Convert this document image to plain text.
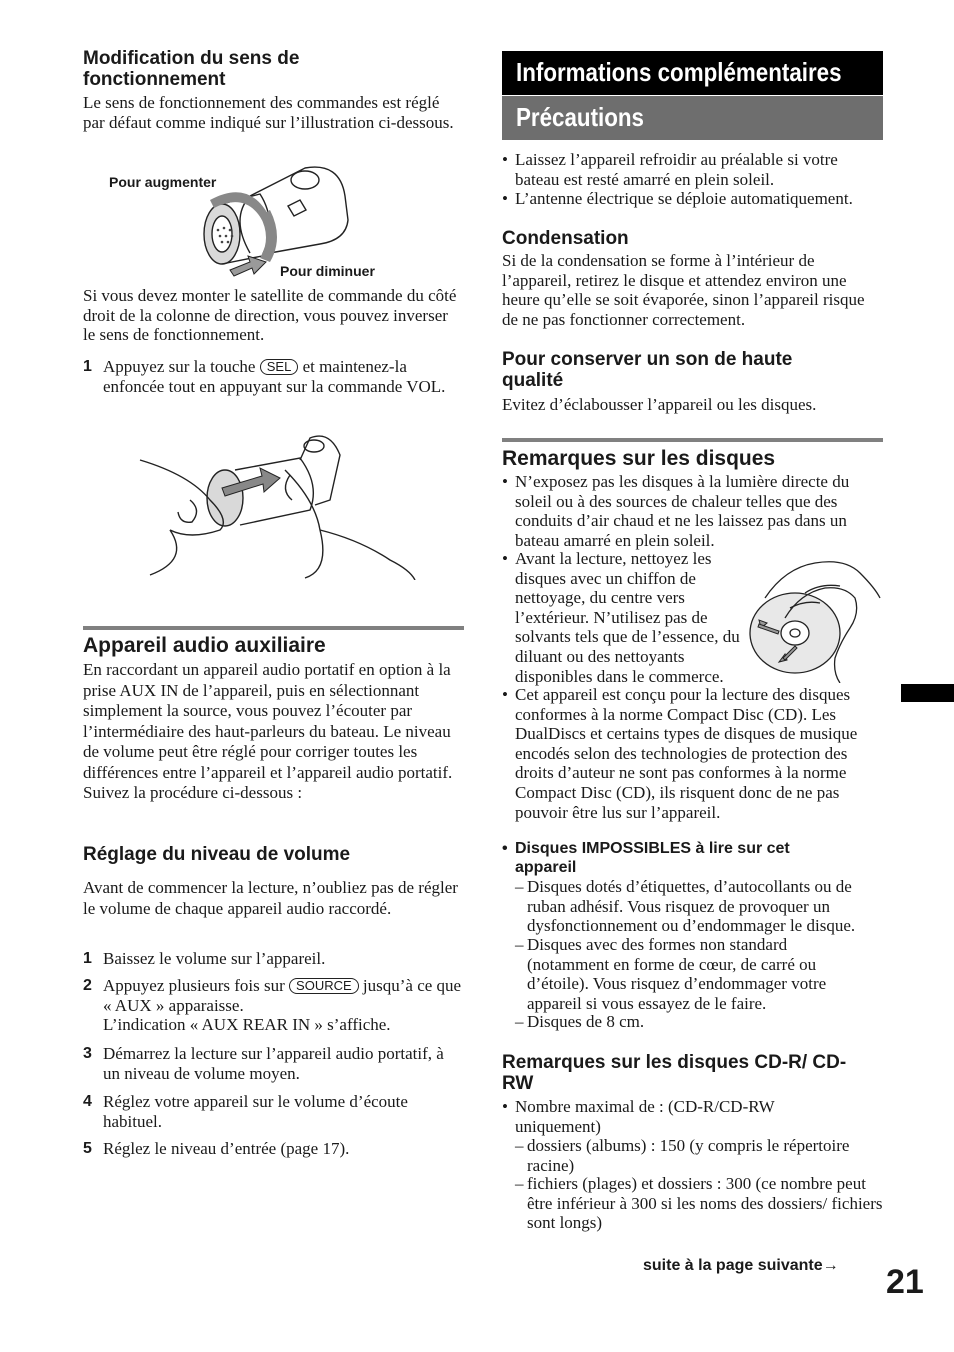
Modification du sens de fonctionnement

Le sens de fonctionnement des commandes est réglé par défaut comme indiqué sur l’illustration ci-dessous.

Pour augmenter
Pour diminuer

Si vous devez monter le satellite de commande du côté droit de la colonne de direction, vous pouvez inverser le sens de fonctionnement.

1 Appuyez sur la touche SEL et maintenez-la enfoncée tout en appuyant sur la commande VOL.
Appareil audio auxiliaire

En raccordant un appareil audio portatif en option à la prise AUX IN de l’appareil, puis en sélectionnant simplement la source, vous pouvez l’écouter par l’intermédiaire des haut-parleurs du bateau. Le niveau de volume peut être réglé pour corriger toutes les différences entre l’appareil et l’appareil audio portatif. Suivez la procédure ci-dessous :

Réglage du niveau de volume

Avant de commencer la lecture, n’oubliez pas de régler le volume de chaque appareil audio raccordé.

1 Baissez le volume sur l’appareil.
2 Appuyez plusieurs fois sur SOURCE jusqu’à ce que « AUX » apparaisse.
L’indication « AUX REAR IN » s’affiche.
3 Démarrez la lecture sur l’appareil audio portatif, à un niveau de volume moyen.
4 Réglez votre appareil sur le volume d’écoute habituel.
5 Réglez le niveau d’entrée (page 17).
Informations complémentaires
Précautions
• Laissez l’appareil refroidir au préalable si votre bateau est resté amarré en plein soleil.
• L’antenne électrique se déploie automatiquement.
Condensation

Si de la condensation se forme à l’intérieur de l’appareil, retirez le disque et attendez environ une heure qu’elle se soit évaporée, sinon l’appareil risque de ne pas fonctionner correctement.

Pour conserver un son de haute qualité

Evitez d’éclabousser l’appareil ou les disques.

Remarques sur les disques
• N’exposez pas les disques à la lumière directe du soleil ou à des sources de chaleur telles que des conduits d’air chaud et ne les laissez pas dans un bateau amarré en plein soleil.
• Avant la lecture, nettoyez les disques avec un chiffon de nettoyage, du centre vers l’extérieur. N’utilisez pas de solvants tels que de l’essence, du diluant ou des nettoyants disponibles dans le commerce.
• Cet appareil est conçu pour la lecture des disques conformes à la norme Compact Disc (CD). Les DualDiscs et certains types de disques de musique encodés selon des technologies de protection des droits d’auteur ne sont pas conformes à la norme Compact Disc (CD), ils risquent donc de ne pas pouvoir être lus sur l’appareil.
• Disques IMPOSSIBLES à lire sur cet appareil
– Disques dotés d’étiquettes, d’autocollants ou de ruban adhésif. Vous risquez de provoquer un dysfonctionnement ou d’endommager le disque.
– Disques avec des formes non standard (notamment en forme de cœur, de carré ou d’étoile). Vous risquez d’endommager votre appareil si vous essayez de le faire.
– Disques de 8 cm.
Remarques sur les disques CD-R/ CD-RW
• Nombre maximal de : (CD-R/CD-RW uniquement)
– dossiers (albums) : 150 (y compris le répertoire racine)
– fichiers (plages) et dossiers : 300 (ce nombre peut être inférieur à 300 si les noms des dossiers/ fichiers sont longs)
suite à la page suivante→ 21
